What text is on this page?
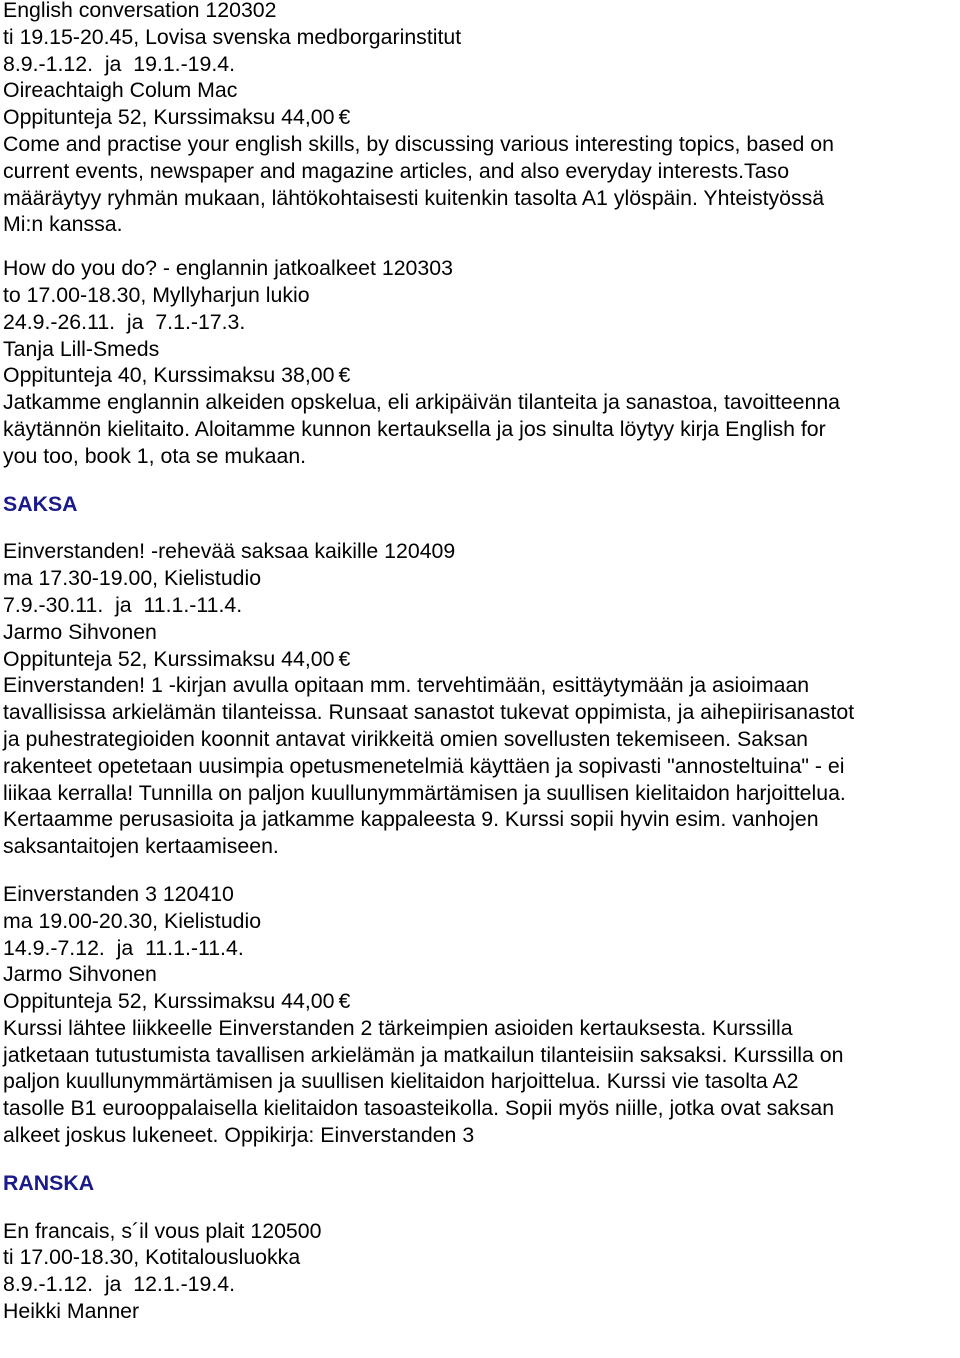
English conversation 120302
ti 19.15-20.45, Lovisa svenska medborgarinstitut
8.9.-1.12.  ja  19.1.-19.4.
Oireachtaigh Colum Mac
Oppitunteja 52, Kurssimaksu 44,00 €
Come and practise your english skills, by discussing various interesting topics, based on
current events, newspaper and magazine articles, and also everyday interests.Taso
määräytyy ryhmän mukaan, lähtökohtaisesti kuitenkin tasolta A1 ylöspäin. Yhteistyössä
Mi:n kanssa.
How do you do? - englannin jatkoalkeet 120303
to 17.00-18.30, Myllyharjun lukio
24.9.-26.11.  ja  7.1.-17.3.
Tanja Lill-Smeds
Oppitunteja 40, Kurssimaksu 38,00 €
Jatkamme englannin alkeiden opskelua, eli arkipäivän tilanteita ja sanastoa, tavoitteenna
käytännön kielitaito. Aloitamme kunnon kertauksella ja jos sinulta löytyy kirja English for
you too, book 1, ota se mukaan.
SAKSA
Einverstanden! -rehevää saksaa kaikille 120409
ma 17.30-19.00, Kielistudio
7.9.-30.11.  ja  11.1.-11.4.
Jarmo Sihvonen
Oppitunteja 52, Kurssimaksu 44,00 €
Einverstanden! 1 -kirjan avulla opitaan mm. tervehtimään, esittäytymään ja asioimaan
tavallisissa arkielämän tilanteissa. Runsaat sanastot tukevat oppimista, ja aihepiirisanastot
ja puhestrategioiden koonnit antavat virikkeitä omien sovellusten tekemiseen. Saksan
rakenteet opetetaan uusimpia opetusmenetelmiä käyttäen ja sopivasti "annosteltuina" - ei
liikaa kerralla! Tunnilla on paljon kuullunymmärtämisen ja suullisen kielitaidon harjoittelua.
Kertaamme perusasioita ja jatkamme kappaleesta 9. Kurssi sopii hyvin esim. vanhojen
saksantaitojen kertaamiseen.
Einverstanden 3 120410
ma 19.00-20.30, Kielistudio
14.9.-7.12.  ja  11.1.-11.4.
Jarmo Sihvonen
Oppitunteja 52, Kurssimaksu 44,00 €
Kurssi lähtee liikkeelle Einverstanden 2 tärkeimpien asioiden kertauksesta. Kurssilla
jatketaan tutustumista tavallisen arkielämän ja matkailun tilanteisiin saksaksi. Kurssilla on
paljon kuullunymmärtämisen ja suullisen kielitaidon harjoittelua. Kurssi vie tasolta A2
tasolle B1 eurooppalaisella kielitaidon tasoasteikolla. Sopii myös niille, jotka ovat saksan
alkeet joskus lukeneet. Oppikirja: Einverstanden 3
RANSKA
En francais, s´il vous plait 120500
ti 17.00-18.30, Kotitalousluokka
8.9.-1.12.  ja  12.1.-19.4.
Heikki Manner
